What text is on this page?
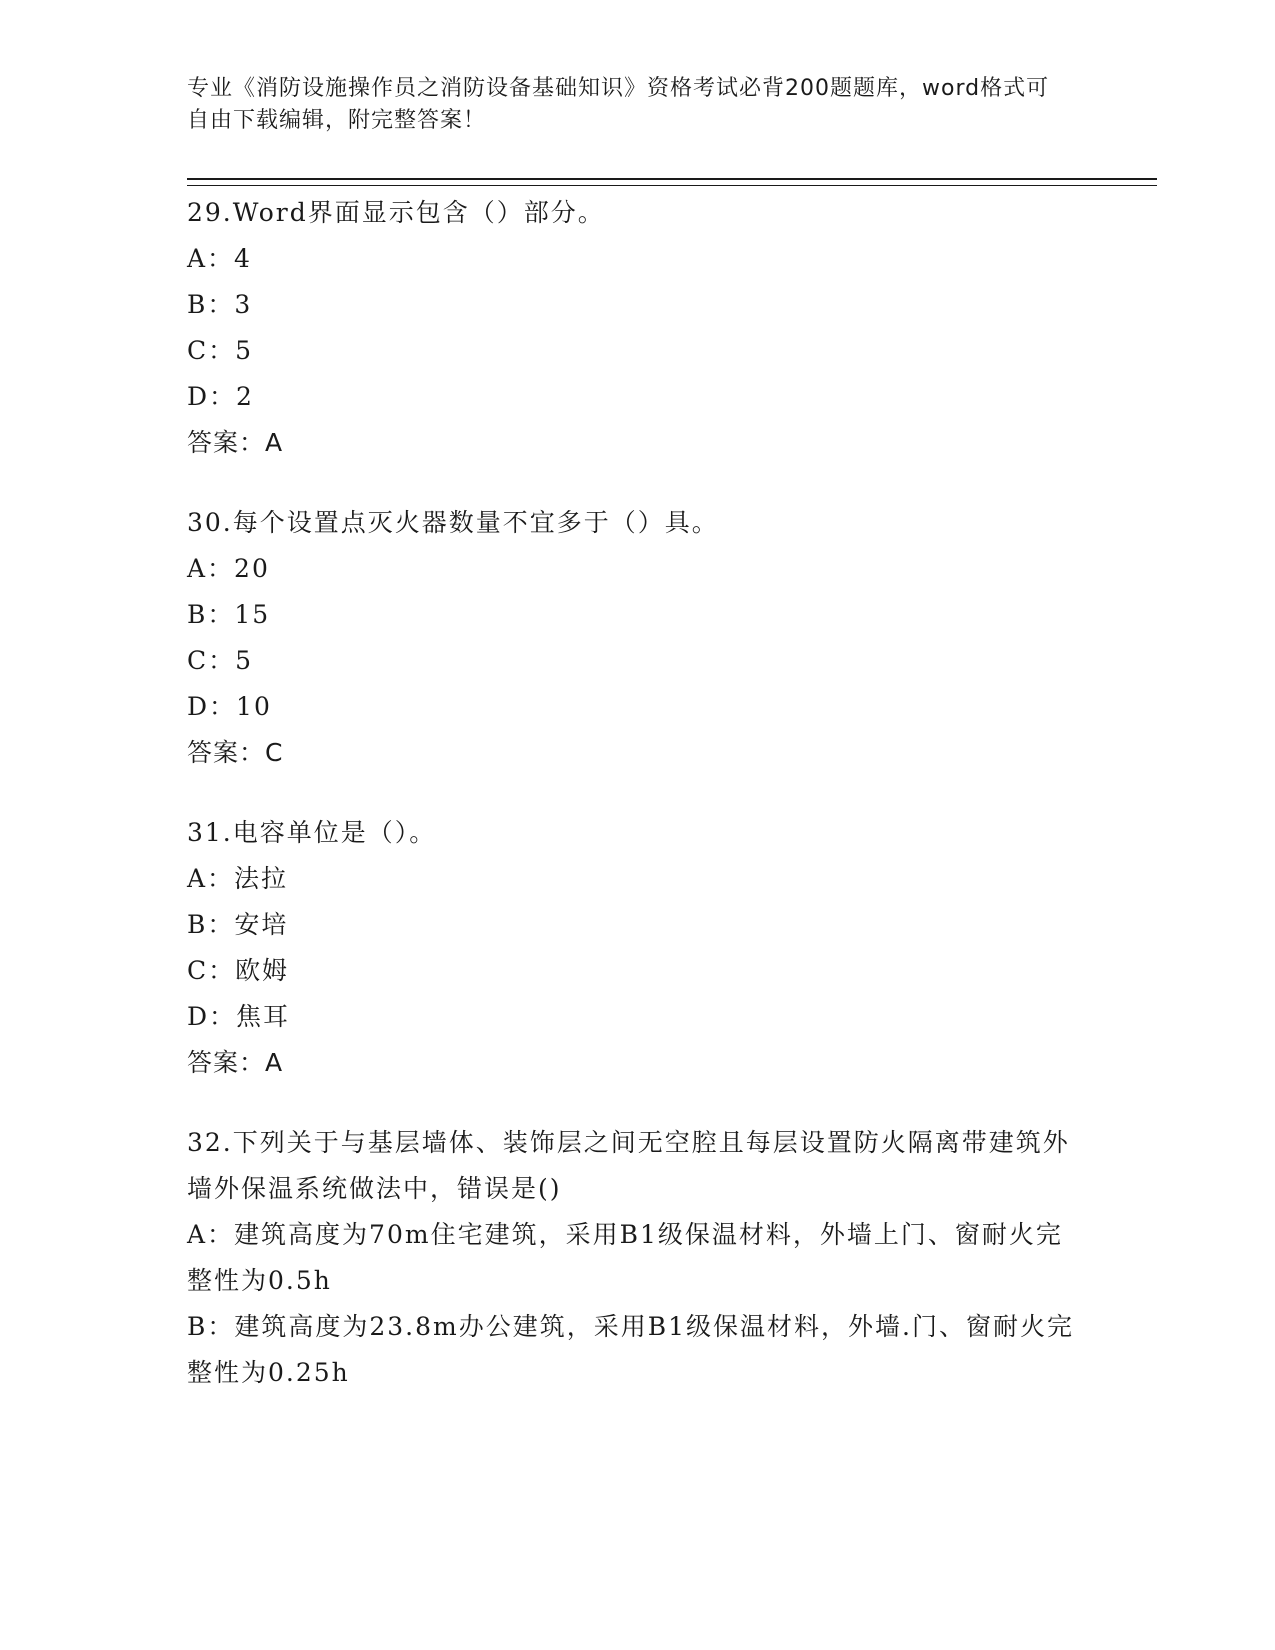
专业《消防设施操作员之消防设备基础知识》资格考试必背200题题库，word格式可自由下载编辑，附完整答案！

29.Word界面显示包含（）部分。

A：4

B：3

C：5

D：2

答案：A

30.每个设置点灭火器数量不宜多于（）具。

A：20

B：15

C：5

D：10

答案：C

31.电容单位是（）。

A：法拉

B：安培

C：欧姆

D：焦耳

答案：A

32.下列关于与基层墙体、装饰层之间无空腔且每层设置防火隔离带建筑外墙外保温系统做法中，错误是()

A：建筑高度为70m住宅建筑，采用B1级保温材料，外墙上门、窗耐火完整性为0.5h

B：建筑高度为23.8m办公建筑，采用B1级保温材料，外墙.门、窗耐火完整性为0.25h
